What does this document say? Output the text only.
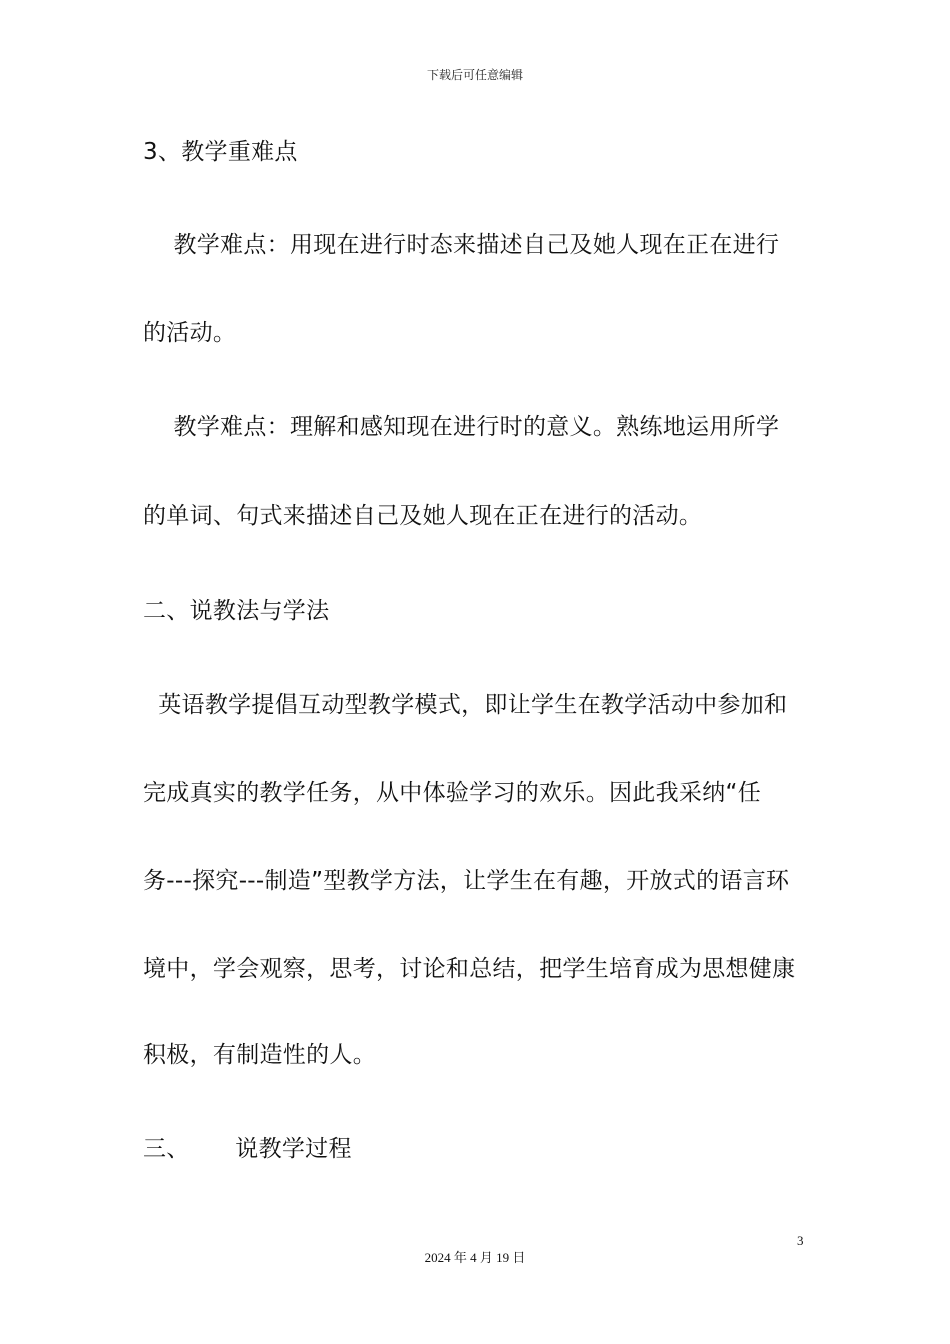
下载后可任意编辑
3、教学重难点
教学难点：用现在进行时态来描述自己及她人现在正在进行
的活动。
教学难点：理解和感知现在进行时的意义。熟练地运用所学
的单词、句式来描述自己及她人现在正在进行的活动。
二、说教法与学法
英语教学提倡互动型教学模式，即让学生在教学活动中参加和
完成真实的教学任务，从中体验学习的欢乐。因此我采纳“任
务---探究---制造”型教学方法，让学生在有趣，开放式的语言环
境中，学会观察，思考，讨论和总结，把学生培育成为思想健康
积极，有制造性的人。
三、      说教学过程
3
2024 年 4 月 19 日
